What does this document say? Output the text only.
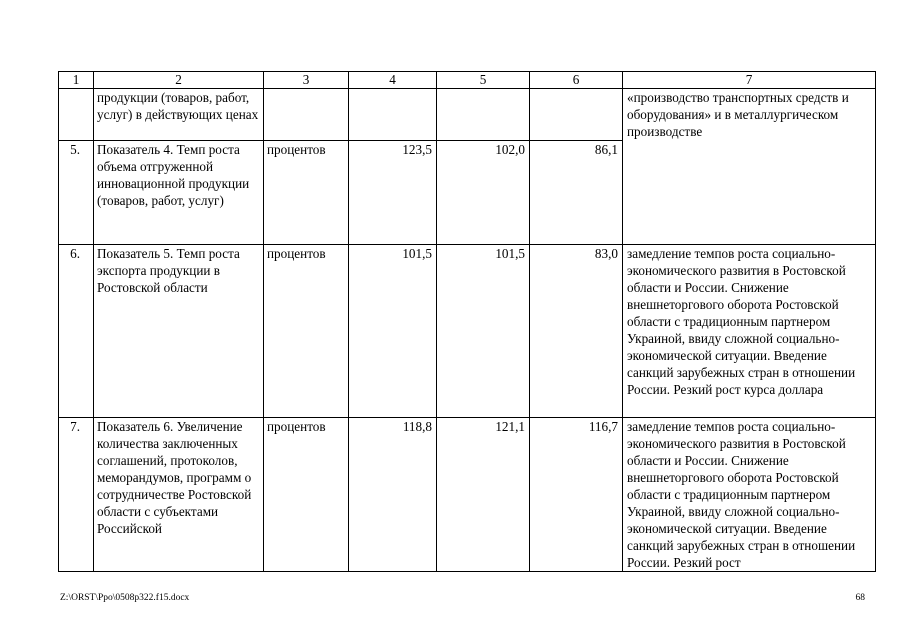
1	2	3	4	5	6	7
	продукции (товаров, работ, услуг) в действующих ценах					«производство транспортных средств и оборудования» и в металлургическом производстве
5.	Показатель 4. Темп роста объема отгруженной инновационной продукции (товаров, работ, услуг)	процентов	123,5	102,0	86,1	
6.	Показатель 5. Темп роста экспорта продукции в Ростовской области	процентов	101,5	101,5	83,0	замедление темпов роста социально-экономического развития в Ростовской области и России. Снижение внешнеторгового оборота Ростовской области с традиционным партнером Украиной, ввиду сложной социально-экономической ситуации. Введение санкций зарубежных стран в отношении России. Резкий рост курса доллара
7.	Показатель 6. Увеличение количества заключенных соглашений, протоколов, меморандумов, программ о сотрудничестве Ростовской области с субъектами Российской	процентов	118,8	121,1	116,7	замедление темпов роста социально-экономического развития в Ростовской области и России. Снижение внешнеторгового оборота Ростовской области с традиционным партнером Украиной, ввиду сложной социально-экономической ситуации. Введение санкций зарубежных стран в отношении России. Резкий рост
Z:\ORST\Ppo\0508p322.f15.docx	68
